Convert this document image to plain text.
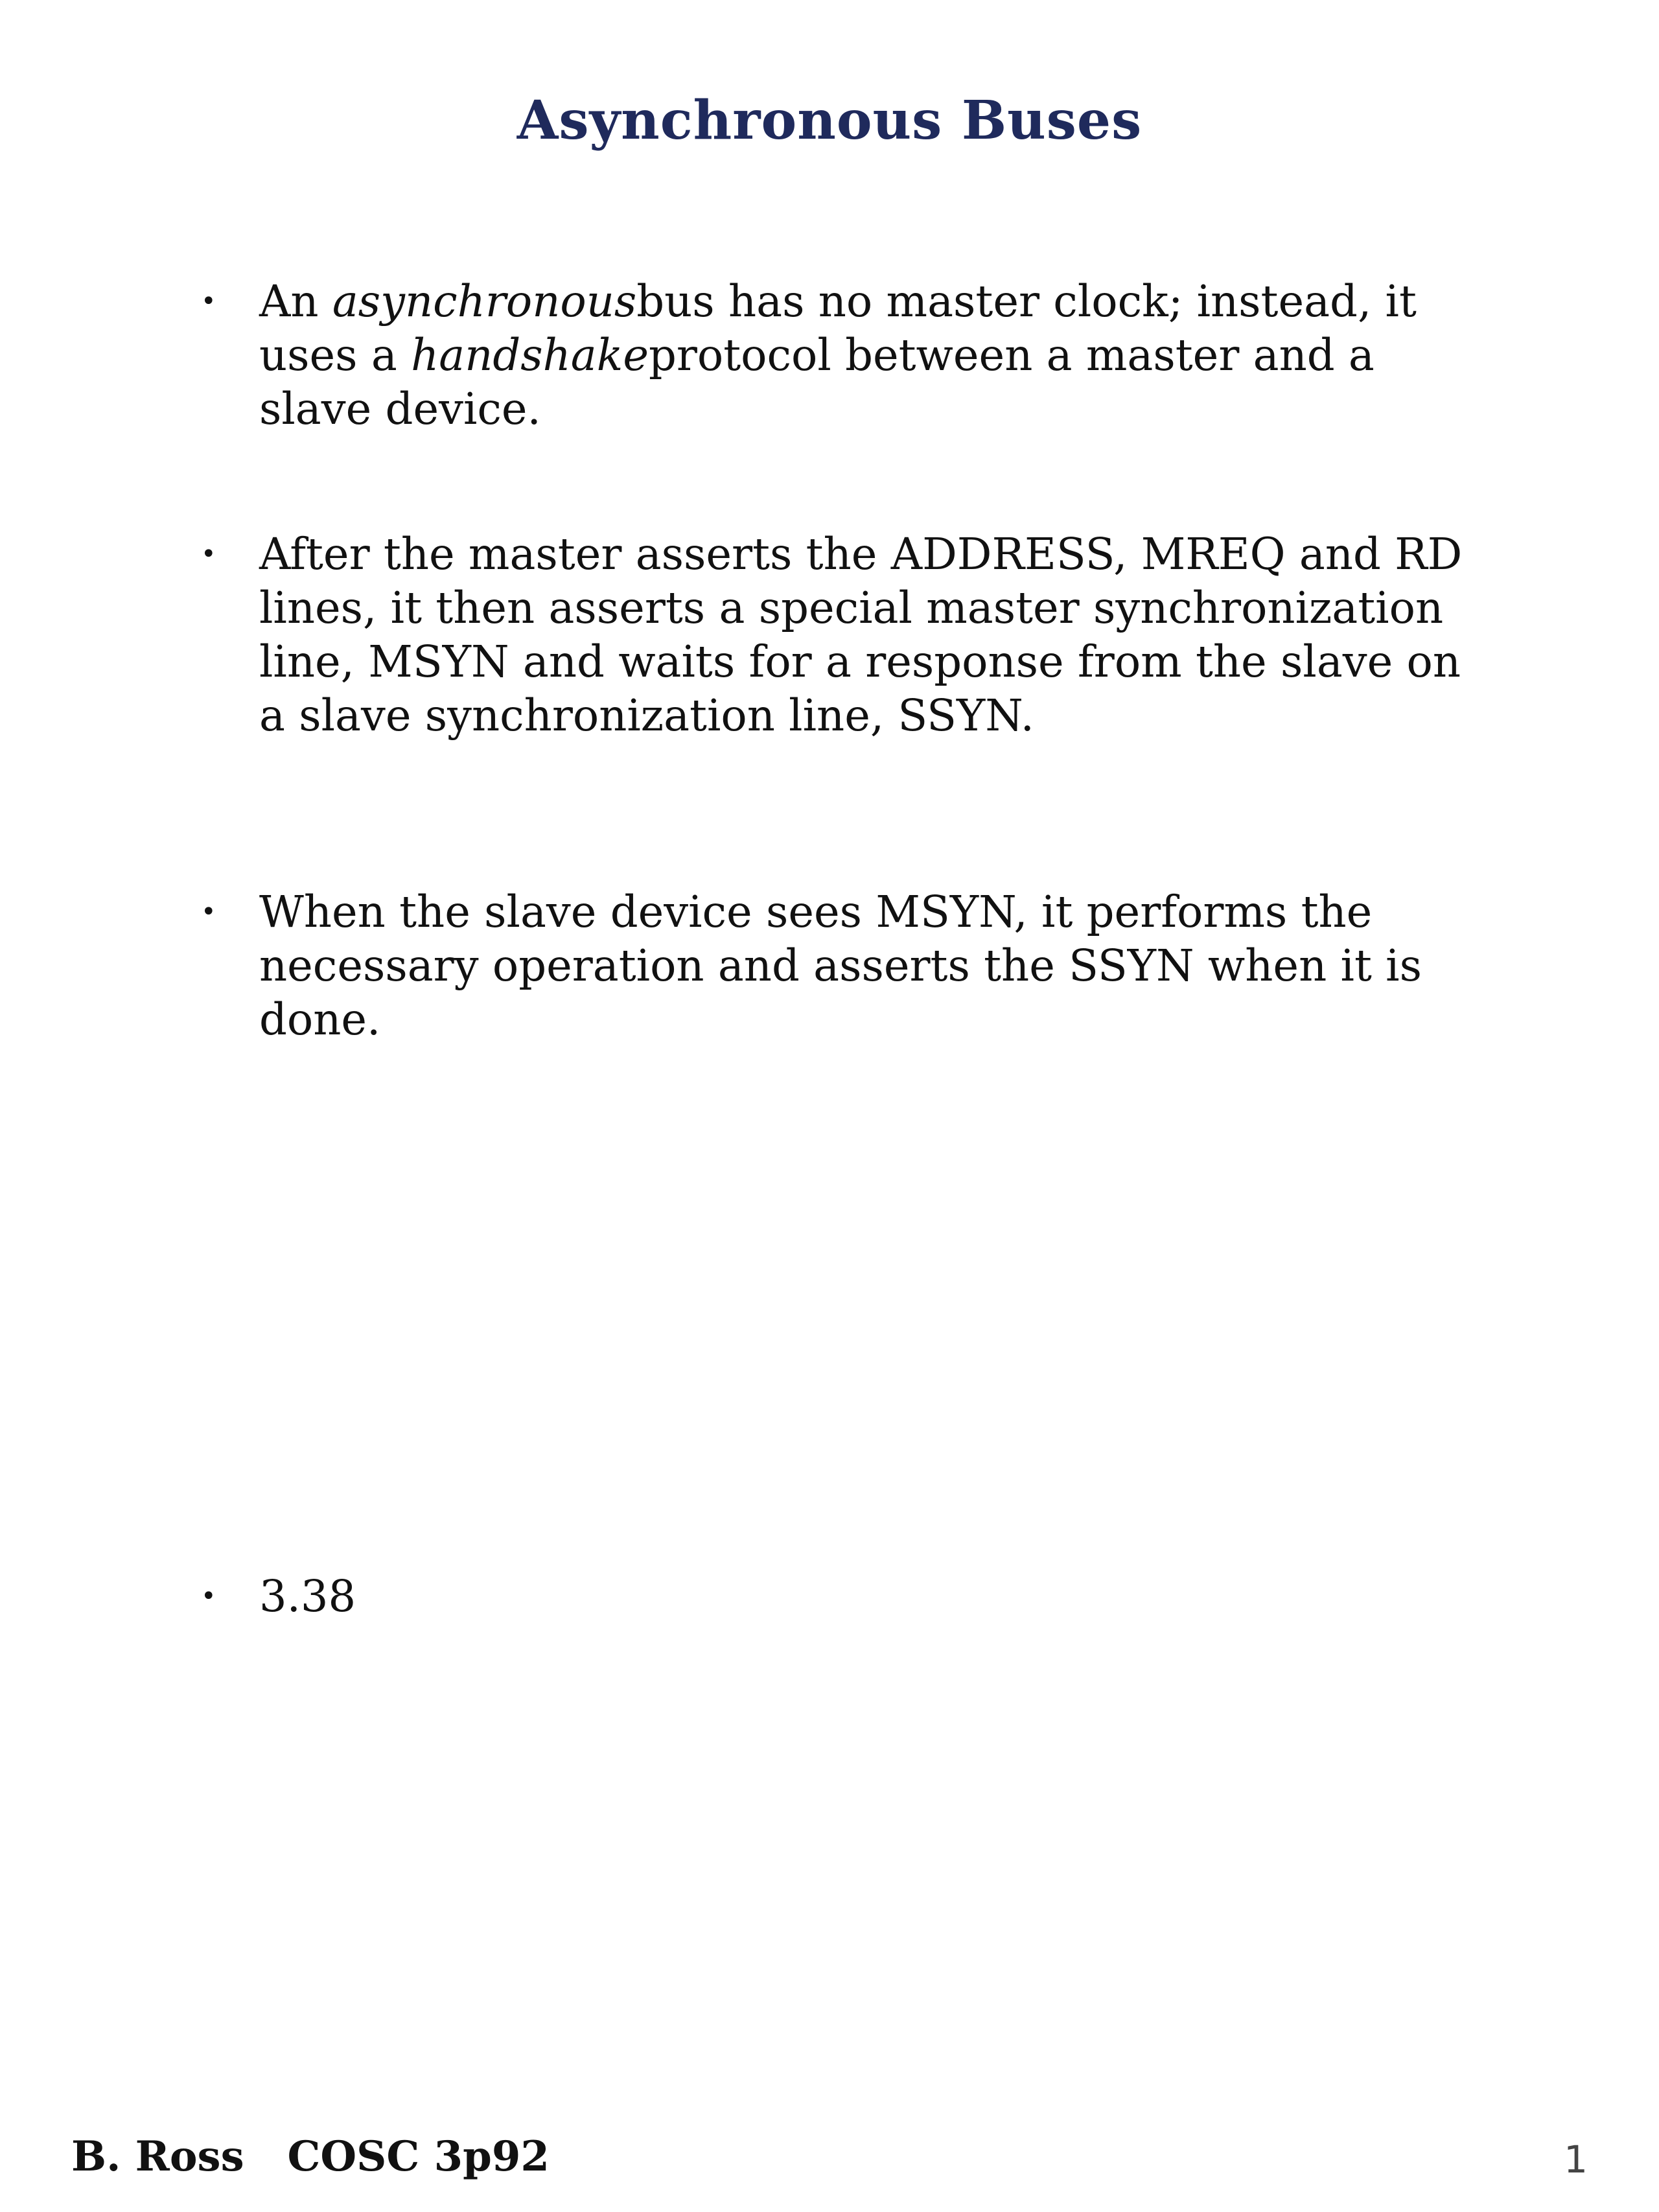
Asynchronous Buses
• An asynchronousbus has no master clock; instead, it uses a handshakeprotocol between a master and a slave device.
• After the master asserts the ADDRESS, MREQ and RD lines, it then asserts a special master synchronization line, MSYN and waits for a response from the slave on a slave synchronization line, SSYN.
• When the slave device sees MSYN, it performs the necessary operation and asserts the SSYN when it is done.
• 3.38
B. Ross   COSC 3p92	1
